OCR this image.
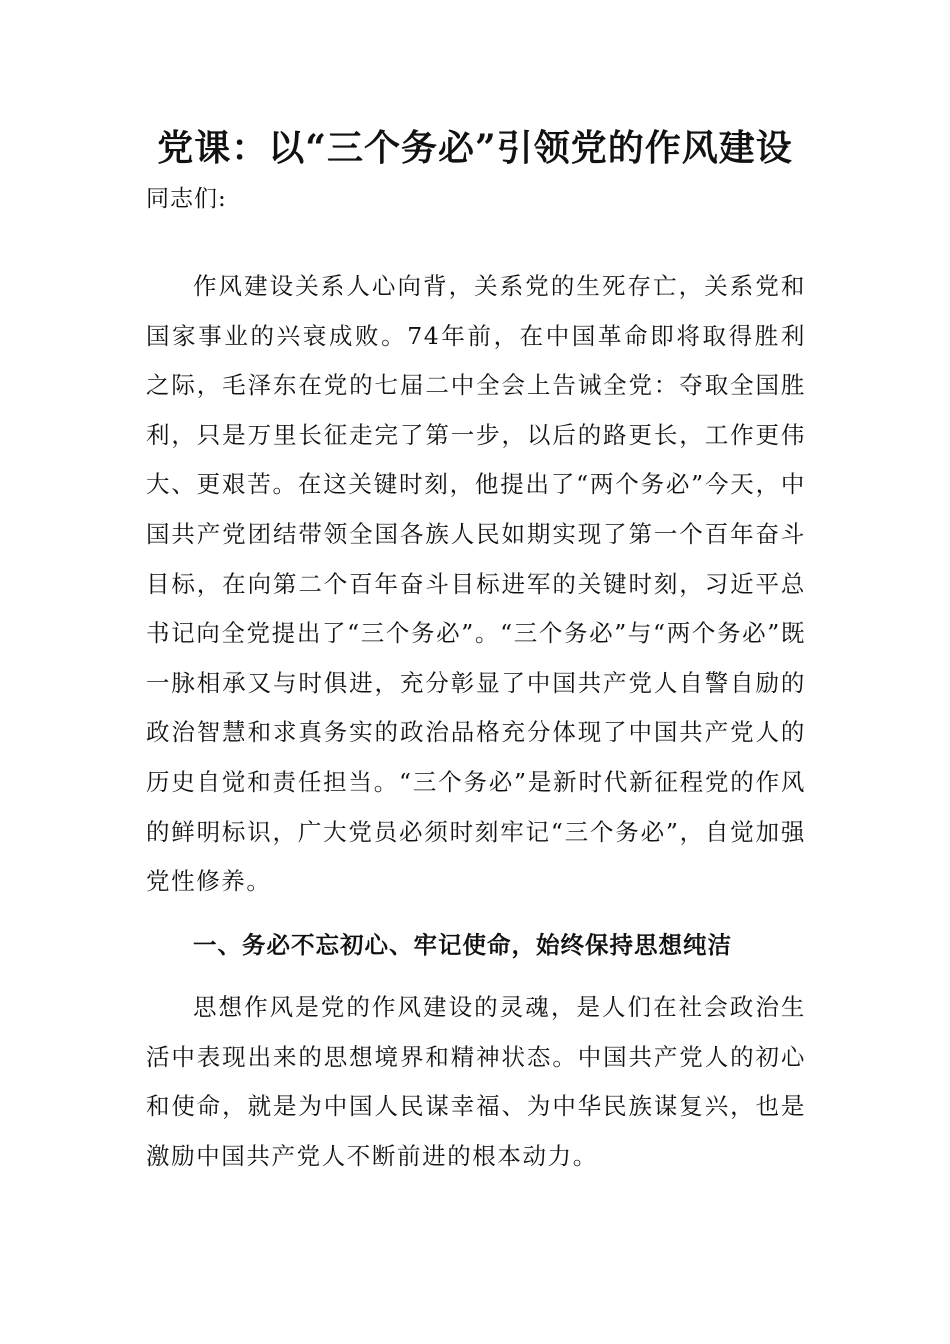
党课：以“三个务必”引领党的作风建设

同志们:

作风建设关系人心向背，关系党的生死存亡，关系党和国家事业的兴衰成败。74年前，在中国革命即将取得胜利之际，毛泽东在党的七届二中全会上告诫全党：夺取全国胜利，只是万里长征走完了第一步，以后的路更长，工作更伟大、更艰苦。在这关键时刻，他提出了“两个务必”今天，中国共产党团结带领全国各族人民如期实现了第一个百年奋斗目标，在向第二个百年奋斗目标进军的关键时刻，习近平总书记向全党提出了“三个务必”。“三个务必”与“两个务必”既一脉相承又与时俱进，充分彰显了中国共产党人自警自励的政治智慧和求真务实的政治品格充分体现了中国共产党人的历史自觉和责任担当。“三个务必”是新时代新征程党的作风的鲜明标识，广大党员必须时刻牢记“三个务必”，自觉加强党性修养。

一、务必不忘初心、牢记使命，始终保持思想纯洁

思想作风是党的作风建设的灵魂，是人们在社会政治生活中表现出来的思想境界和精神状态。中国共产党人的初心和使命，就是为中国人民谋幸福、为中华民族谋复兴，也是激励中国共产党人不断前进的根本动力。
